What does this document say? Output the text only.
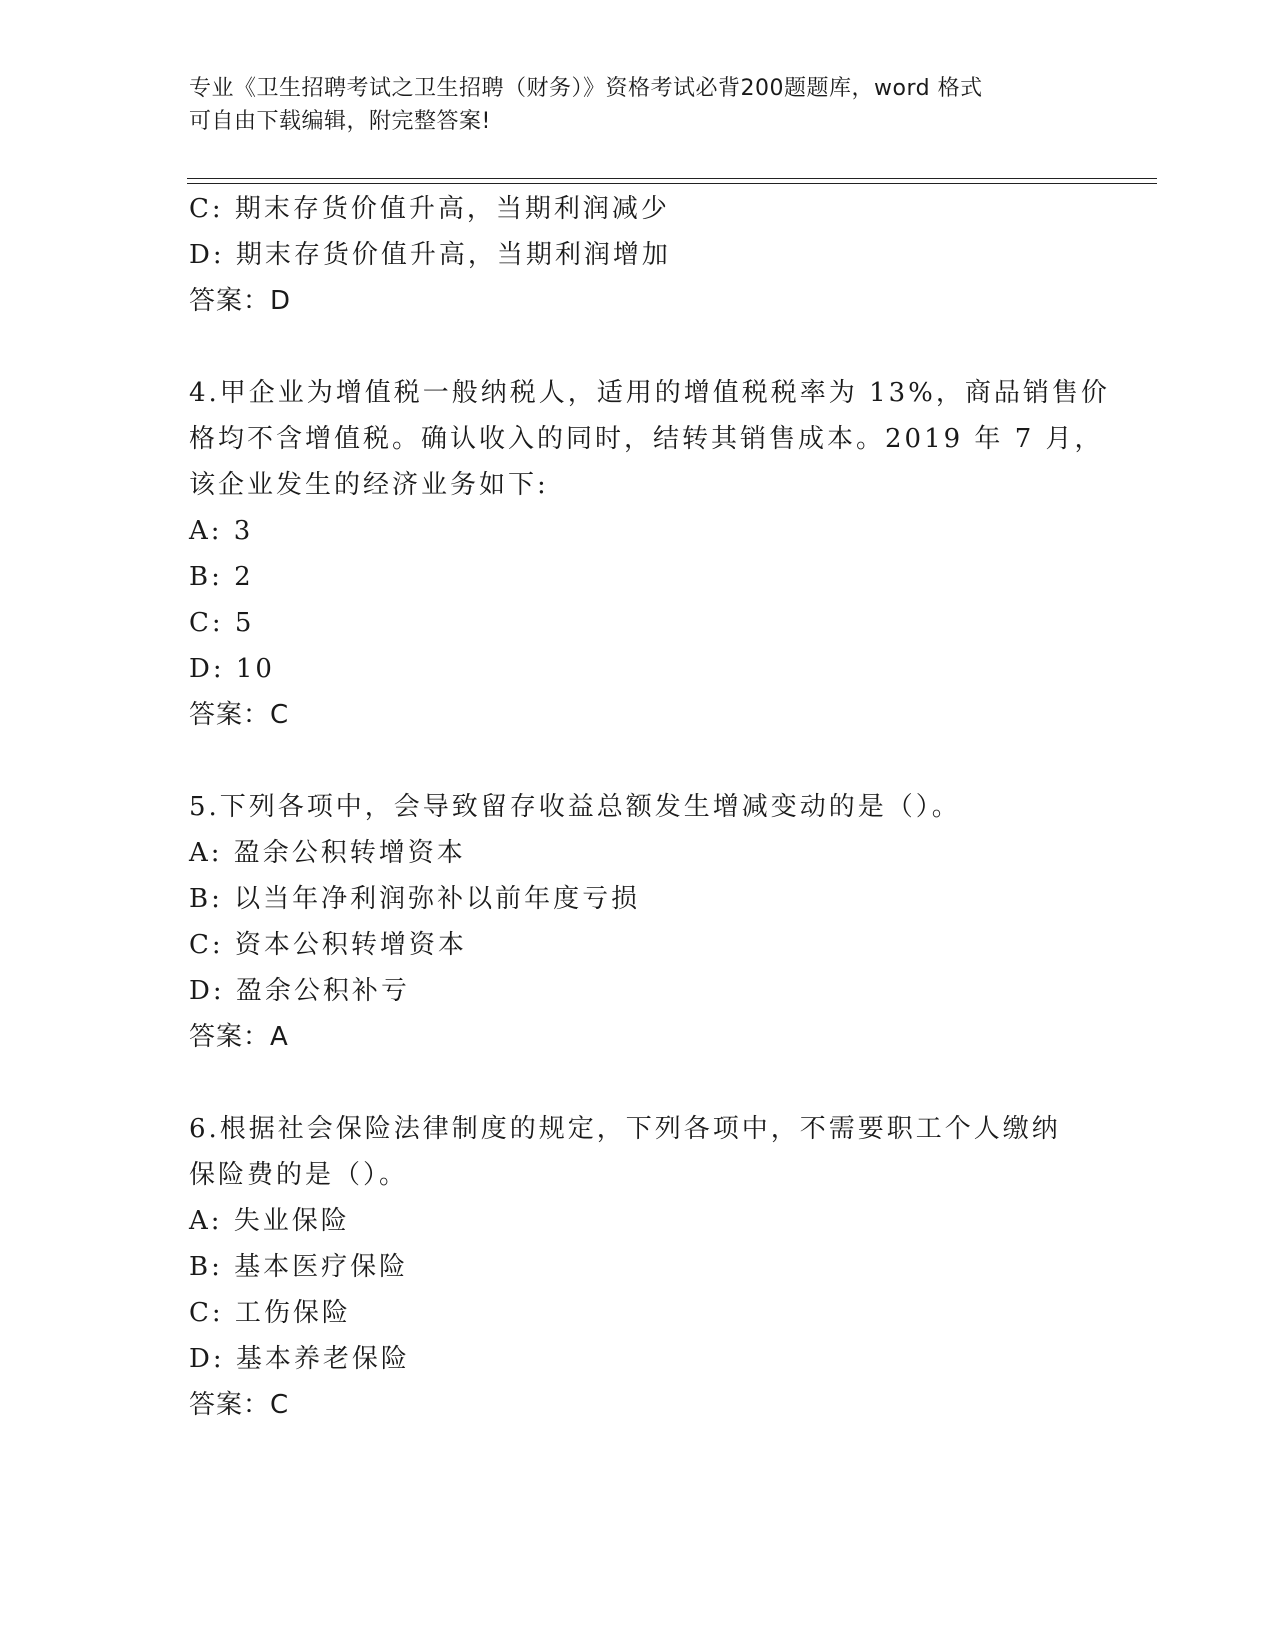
专业《卫生招聘考试之卫生招聘（财务）》资格考试必背200题题库，word 格式
可自由下载编辑，附完整答案!
C: 期末存货价值升高，当期利润减少
D: 期末存货价值升高，当期利润增加
答案：D
4.甲企业为增值税一般纳税人，适用的增值税税率为 13%，商品销售价
格均不含增值税。确认收入的同时，结转其销售成本。2019 年 7 月，
该企业发生的经济业务如下:
A: 3
B: 2
C: 5
D: 10
答案：C
5.下列各项中，会导致留存收益总额发生增减变动的是（）。
A: 盈余公积转增资本
B: 以当年净利润弥补以前年度亏损
C: 资本公积转增资本
D: 盈余公积补亏
答案：A
6.根据社会保险法律制度的规定，下列各项中，不需要职工个人缴纳
保险费的是（）。
A: 失业保险
B: 基本医疗保险
C: 工伤保险
D: 基本养老保险
答案：C
